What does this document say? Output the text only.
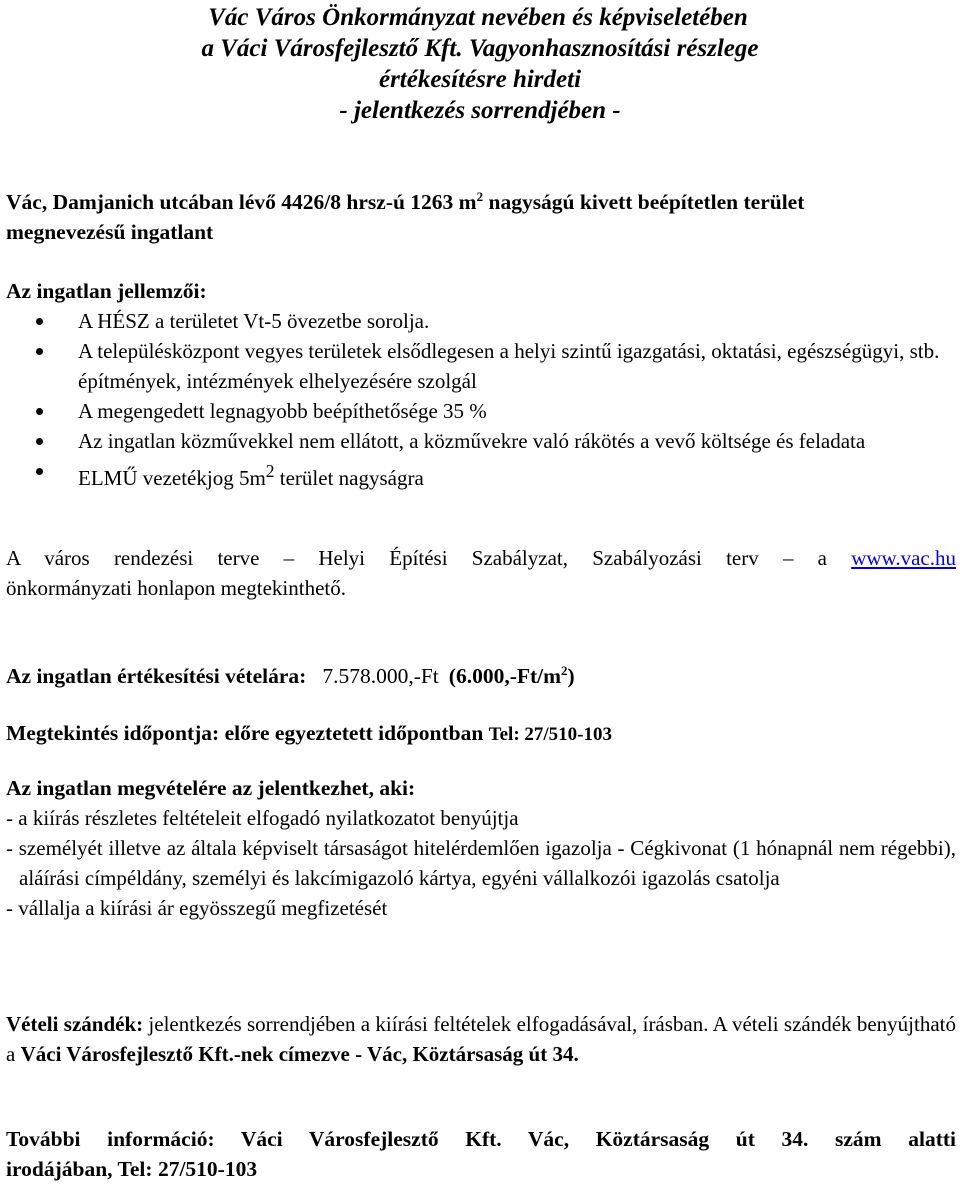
Vác Város Önkormányzat nevében és képviseletében
a Váci Városfejlesztő Kft. Vagyonhasznosítási részlege
értékesítésre hirdeti
- jelentkezés sorrendjében -
Vác, Damjanich utcában lévő 4426/8 hrsz-ú 1263 $m^2$ nagyságú kivett beépítetlen terület
megnevezésű ingatlant
Az ingatlan jellemzői:
A HÉSZ a területet Vt-5 övezetbe sorolja.
A településközpont vegyes területek elsődlegesen a helyi szintű igazgatási, oktatási, egészségügyi, stb. építmények, intézmények elhelyezésére szolgál
A megengedett legnagyobb beépíthetősége 35 %
Az ingatlan közművekkel nem ellátott, a közművekre való rákötés a vevő költsége és feladata
ELMŰ vezetékjog $5m^2$ terület nagyságra
A város rendezési terve – Helyi Építési Szabályzat, Szabályozási terv – a www.vac.hu
önkormányzati honlapon megtekinthető.
Az ingatlan értékesítési vételára: 7.578.000,-Ft $(6.000,-Ft/m^2)$
Megtekintés időpontja: előre egyeztetett időpontban Tel: 27/510-103
Az ingatlan megvételére az jelentkezhet, aki:
- a kiírás részletes feltételeit elfogadó nyilatkozatot benyújtja
- személyét illetve az általa képviselt társaságot hitelérdemlően igazolja - Cégkivonat (1 hónapnál nem régebbi), aláírási címpéldány, személyi és lakcímigazoló kártya, egyéni vállalkozói igazolás csatolja
- vállalja a kiírási ár egyösszegű megfizetését
Vételi szándék: jelentkezés sorrendjében a kiírási feltételek elfogadásával, írásban. A vételi szándék benyújtható a Váci Városfejlesztő Kft.-nek címezve - Vác, Köztársaság út 34.
További információ: Váci Városfejlesztő Kft. Vác, Köztársaság út 34. szám alatti
irodájában, Tel: 27/510-103
